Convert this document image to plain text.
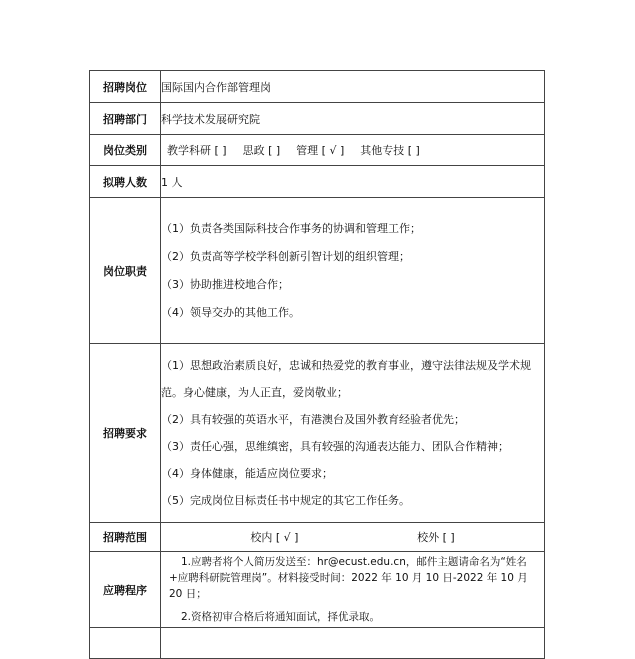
招聘岗位	国际国内合作部管理岗
招聘部门	科学技术发展研究院
岗位类别	教学科研 [ ] 思政 [ ] 管理 [ √ ] 其他专技 [ ]

拟聘人数	1 人
岗位职责	（1）负责各类国际科技合作事务的协调和管理工作；
（2）负责高等学校学科创新引智计划的组织管理；
（3）协助推进校地合作；
（4）领导交办的其他工作。

招聘要求	（1）思想政治素质良好，忠诚和热爱党的教育事业，遵守法律法规及学术规范。身心健康，为人正直，爱岗敬业；
（2）具有较强的英语水平，有港澳台及国外教育经验者优先；
（3）责任心强，思维缜密，具有较强的沟通表达能力、团队合作精神；
（4）身体健康，能适应岗位要求；
（5）完成岗位目标责任书中规定的其它工作任务。

招聘范围	校内 [ √ ] 校外 [ ]

应聘程序	1.应聘者将个人简历发送至：hr@ecust.edu.cn，邮件主题请命名为“姓名+应聘科研院管理岗”。材料接受时间：2022 年 10 月 10 日-2022 年 10 月 20 日；
2.资格初审合格后将通知面试，择优录取。
